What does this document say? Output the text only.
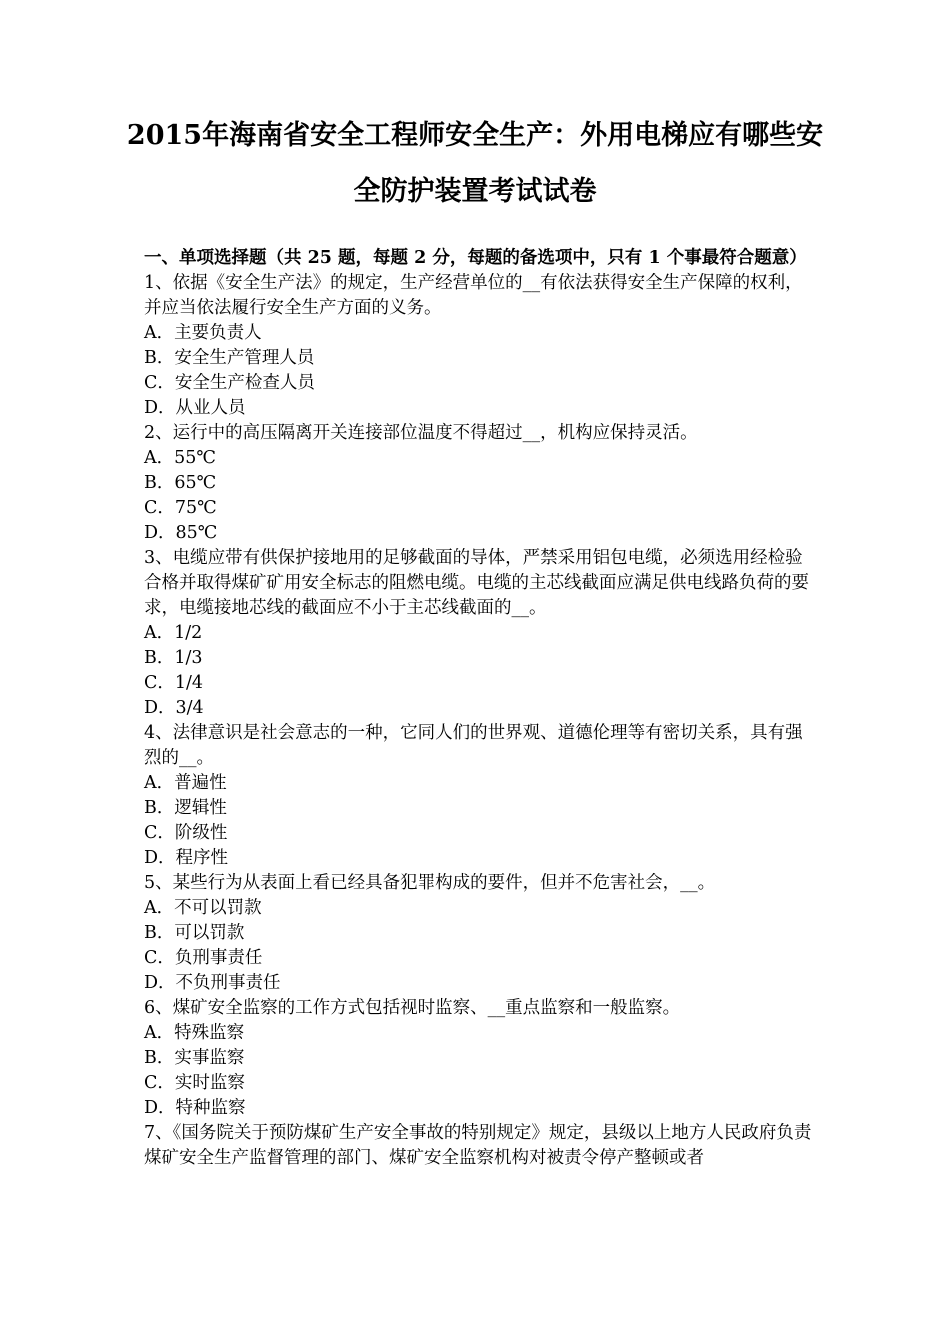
2015年海南省安全工程师安全生产：外用电梯应有哪些安
全防护装置考试试卷

一、单项选择题（共 25 题，每题 2 分，每题的备选项中，只有 1 个事最符合题意）

1、依据《安全生产法》的规定，生产经营单位的__有依法获得安全生产保障的权利，并应当依法履行安全生产方面的义务。

A．主要负责人

B．安全生产管理人员

C．安全生产检查人员

D．从业人员

2、运行中的高压隔离开关连接部位温度不得超过__，机构应保持灵活。

A．55℃

B．65℃

C．75℃

D．85℃

3、电缆应带有供保护接地用的足够截面的导体，严禁采用铝包电缆，必须选用经检验合格并取得煤矿矿用安全标志的阻燃电缆。电缆的主芯线截面应满足供电线路负荷的要求，电缆接地芯线的截面应不小于主芯线截面的__。

A．1/2

B．1/3

C．1/4

D．3/4

4、法律意识是社会意志的一种，它同人们的世界观、道德伦理等有密切关系，具有强烈的__。

A．普遍性

B．逻辑性

C．阶级性

D．程序性

5、某些行为从表面上看已经具备犯罪构成的要件，但并不危害社会，__。

A．不可以罚款

B．可以罚款

C．负刑事责任

D．不负刑事责任

6、煤矿安全监察的工作方式包括视时监察、__重点监察和一般监察。

A．特殊监察

B．实事监察

C．实时监察

D．特种监察

7、《国务院关于预防煤矿生产安全事故的特别规定》规定，县级以上地方人民政府负责煤矿安全生产监督管理的部门、煤矿安全监察机构对被责令停产整顿或者
